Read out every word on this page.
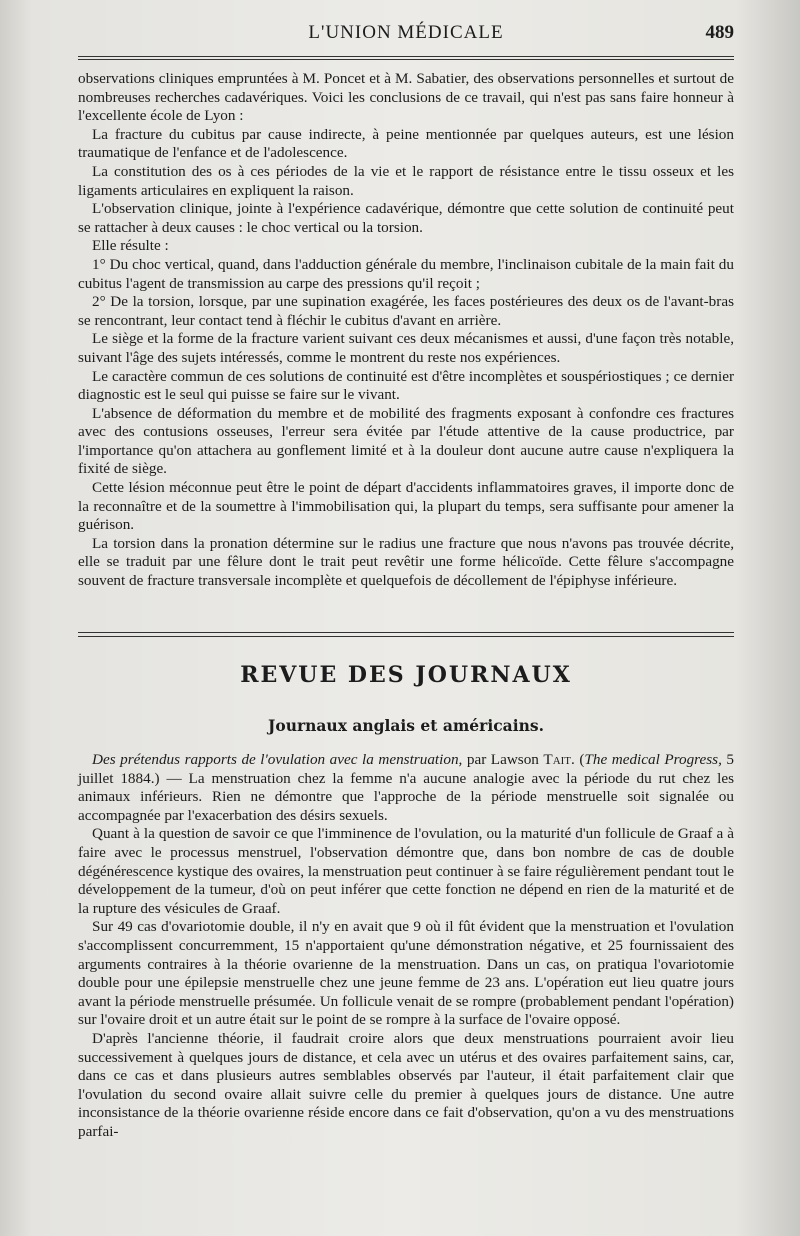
L'UNION MÉDICALE	489

observations cliniques empruntées à M. Poncet et à M. Sabatier, des observations personnelles et surtout de nombreuses recherches cadavériques. Voici les conclusions de ce travail, qui n'est pas sans faire honneur à l'excellente école de Lyon :

La fracture du cubitus par cause indirecte, à peine mentionnée par quelques auteurs, est une lésion traumatique de l'enfance et de l'adolescence.

La constitution des os à ces périodes de la vie et le rapport de résistance entre le tissu osseux et les ligaments articulaires en expliquent la raison.

L'observation clinique, jointe à l'expérience cadavérique, démontre que cette solution de continuité peut se rattacher à deux causes : le choc vertical ou la torsion.

Elle résulte :

1° Du choc vertical, quand, dans l'adduction générale du membre, l'inclinaison cubitale de la main fait du cubitus l'agent de transmission au carpe des pressions qu'il reçoit ;

2° De la torsion, lorsque, par une supination exagérée, les faces postérieures des deux os de l'avant-bras se rencontrant, leur contact tend à fléchir le cubitus d'avant en arrière.

Le siège et la forme de la fracture varient suivant ces deux mécanismes et aussi, d'une façon très notable, suivant l'âge des sujets intéressés, comme le montrent du reste nos expériences.

Le caractère commun de ces solutions de continuité est d'être incomplètes et souspériostiques ; ce dernier diagnostic est le seul qui puisse se faire sur le vivant.

L'absence de déformation du membre et de mobilité des fragments exposant à confondre ces fractures avec des contusions osseuses, l'erreur sera évitée par l'étude attentive de la cause productrice, par l'importance qu'on attachera au gonflement limité et à la douleur dont aucune autre cause n'expliquera la fixité de siège.

Cette lésion méconnue peut être le point de départ d'accidents inflammatoires graves, il importe donc de la reconnaître et de la soumettre à l'immobilisation qui, la plupart du temps, sera suffisante pour amener la guérison.

La torsion dans la pronation détermine sur le radius une fracture que nous n'avons pas trouvée décrite, elle se traduit par une fêlure dont le trait peut revêtir une forme hélicoïde. Cette fêlure s'accompagne souvent de fracture transversale incomplète et quelquefois de décollement de l'épiphyse inférieure.

REVUE DES JOURNAUX
Journaux anglais et américains.

Des prétendus rapports de l'ovulation avec la menstruation, par Lawson Tait. (The medical Progress, 5 juillet 1884.) — La menstruation chez la femme n'a aucune analogie avec la période du rut chez les animaux inférieurs. Rien ne démontre que l'approche de la période menstruelle soit signalée ou accompagnée par l'exacerbation des désirs sexuels.

Quant à la question de savoir ce que l'imminence de l'ovulation, ou la maturité d'un follicule de Graaf a à faire avec le processus menstruel, l'observation démontre que, dans bon nombre de cas de double dégénérescence kystique des ovaires, la menstruation peut continuer à se faire régulièrement pendant tout le développement de la tumeur, d'où on peut inférer que cette fonction ne dépend en rien de la maturité et de la rupture des vésicules de Graaf.

Sur 49 cas d'ovariotomie double, il n'y en avait que 9 où il fût évident que la menstruation et l'ovulation s'accomplissent concurremment, 15 n'apportaient qu'une démonstration négative, et 25 fournissaient des arguments contraires à la théorie ovarienne de la menstruation. Dans un cas, on pratiqua l'ovariotomie double pour une épilepsie menstruelle chez une jeune femme de 23 ans. L'opération eut lieu quatre jours avant la période menstruelle présumée. Un follicule venait de se rompre (probablement pendant l'opération) sur l'ovaire droit et un autre était sur le point de se rompre à la surface de l'ovaire opposé.

D'après l'ancienne théorie, il faudrait croire alors que deux menstruations pourraient avoir lieu successivement à quelques jours de distance, et cela avec un utérus et des ovaires parfaitement sains, car, dans ce cas et dans plusieurs autres semblables observés par l'auteur, il était parfaitement clair que l'ovulation du second ovaire allait suivre celle du premier à quelques jours de distance. Une autre inconsistance de la théorie ovarienne réside encore dans ce fait d'observation, qu'on a vu des menstruations parfai-
